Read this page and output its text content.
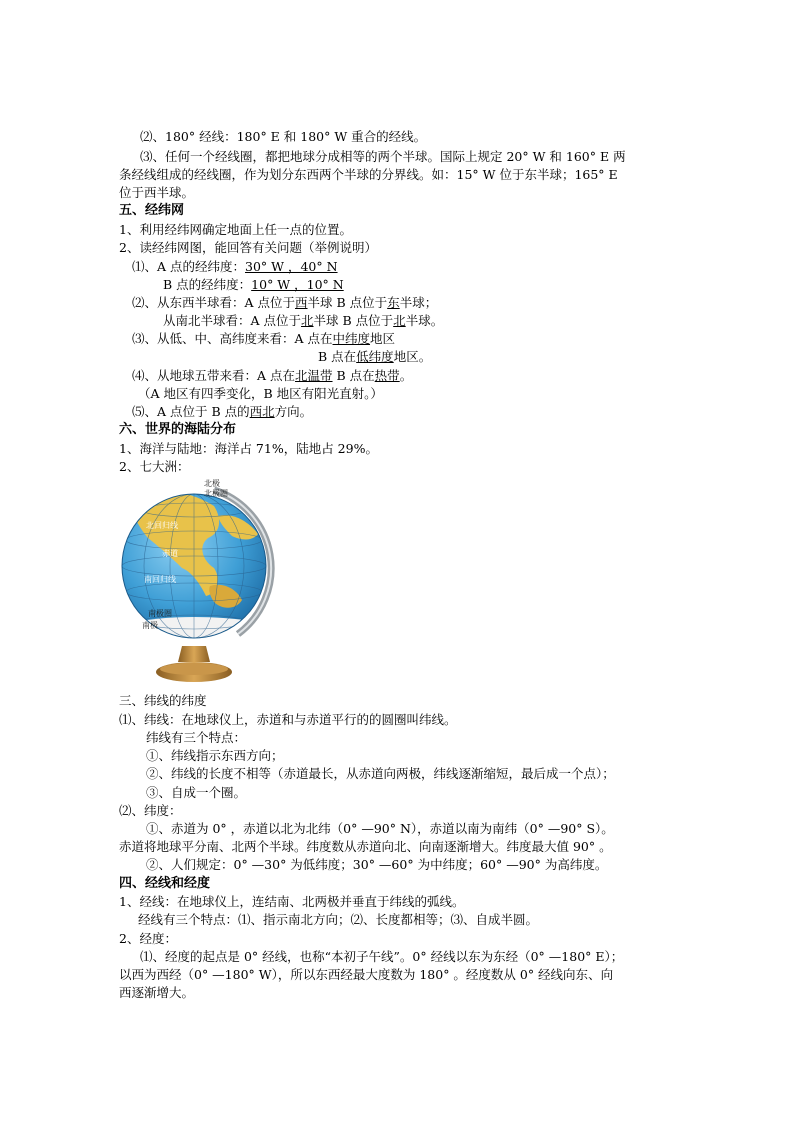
⑵、180° 经线：180° E 和 180° W 重合的经线。
⑶、任何一个经线圈，都把地球分成相等的两个半球。国际上规定 20° W 和 160° E 两
条经线组成的经线圈，作为划分东西两个半球的分界线。如：15° W 位于东半球；165° E
位于西半球。
五、经纬网
1、利用经纬网确定地面上任一点的位置。
2、读经纬网图，能回答有关问题（举例说明）
⑴、A 点的经纬度：30° W ，40° N
B 点的经纬度：10° W ，10° N
⑵、从东西半球看：A 点位于西半球 B 点位于东半球；
从南北半球看：A 点位于北半球 B 点位于北半球。
⑶、从低、中、高纬度来看：A 点在中纬度地区
B 点在低纬度地区。
⑷、从地球五带来看：A 点在北温带 B 点在热带。
（A 地区有四季变化，B 地区有阳光直射。）
⑸、A 点位于 B 点的西北方向。
六、世界的海陆分布
1、海洋与陆地：海洋占 71%，陆地占 29%。
2、七大洲：
北极
北极圈
北回归线
赤道
南回归线
南极圈
南极
三、纬线的纬度
⑴、纬线：在地球仪上，赤道和与赤道平行的的圆圈叫纬线。
纬线有三个特点：
①、纬线指示东西方向；
②、纬线的长度不相等（赤道最长，从赤道向两极，纬线逐渐缩短，最后成一个点）；
③、自成一个圈。
⑵、纬度：
①、赤道为 0° ，赤道以北为北纬（0° —90° N），赤道以南为南纬（0° —90° S）。
赤道将地球平分南、北两个半球。纬度数从赤道向北、向南逐渐增大。纬度最大值 90° 。
②、人们规定：0° —30° 为低纬度；30° —60° 为中纬度；60° —90° 为高纬度。
四、经线和经度
1、经线：在地球仪上，连结南、北两极并垂直于纬线的弧线。
经线有三个特点：⑴、指示南北方向；⑵、长度都相等；⑶、自成半圆。
2、经度：
⑴、经度的起点是 0° 经线，也称“本初子午线”。0° 经线以东为东经（0° —180° E）；
以西为西经（0° —180° W），所以东西经最大度数为 180° 。经度数从 0° 经线向东、向
西逐渐增大。
